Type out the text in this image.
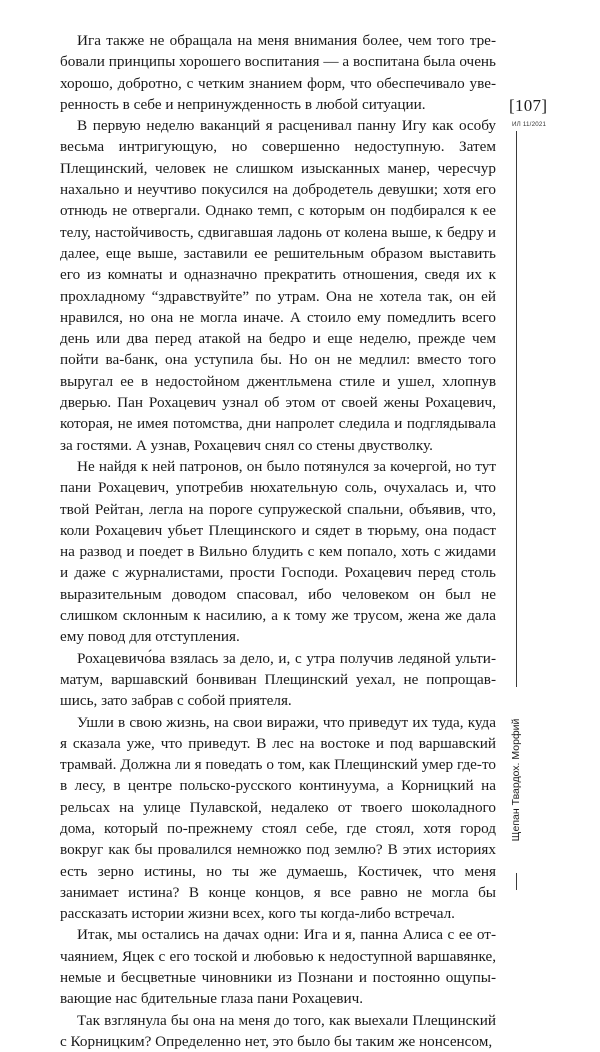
Ига также не обращала на меня внимания более, чем того требовали принципы хорошего воспитания — а воспитана была очень хорошо, добротно, с четким знанием форм, что обеспечивало уверенность в себе и непринужденность в любой ситуации.

В первую неделю ваканций я расценивал панну Игу как особу весьма интригующую, но совершенно недоступную. Затем Плещинский, человек не слишком изысканных манер, чересчур нахально и неучтиво покусился на добродетель девушки; хотя его отнюдь не отвергали. Однако темп, с которым он подбирался к ее телу, настойчивость, сдвигавшая ладонь от колена выше, к бедру и далее, еще выше, заставили ее решительным образом выставить его из комнаты и одназначно прекратить отношения, сведя их к прохладному “здравствуйте” по утрам. Она не хотела так, он ей нравился, но она не могла иначе. А стоило ему помедлить всего день или два перед атакой на бедро и еще неделю, прежде чем пойти ва-банк, она уступила бы. Но он не медлил: вместо того выругал ее в недостойном джентльмена стиле и ушел, хлопнув дверью. Пан Рохацевич узнал об этом от своей жены Рохацевич, которая, не имея потомства, дни напролет следила и подглядывала за гостями. А узнав, Рохацевич снял со стены двустволку.

Не найдя к ней патронов, он было потянулся за кочергой, но тут пани Рохацевич, употребив нюхательную соль, очухалась и, что твой Рейтан, легла на пороге супружеской спальни, объявив, что, коли Рохацевич убьет Плещинского и сядет в тюрьму, она подаст на развод и поедет в Вильно блудить с кем попало, хоть с жидами и даже с журналистами, прости Господи. Рохацевич перед столь выразительным доводом спасовал, ибо человеком он был не слишком склонным к насилию, а к тому же трусом, жена же дала ему повод для отступления.

Рохацевичо́ва взялась за дело, и, с утра получив ледяной ультиматум, варшавский бонвиван Плещинский уехал, не попрощавшись, зато забрав с собой приятеля.

Ушли в свою жизнь, на свои виражи, что приведут их туда, куда я сказала уже, что приведут. В лес на востоке и под варшавский трамвай. Должна ли я поведать о том, как Плещинский умер где-то в лесу, в центре польско-русского континуума, а Корницкий на рельсах на улице Пулавской, недалеко от твоего шоколадного дома, который по-прежнему стоял себе, где стоял, хотя город вокруг как бы провалился немножко под землю? В этих историях есть зерно истины, но ты же думаешь, Костичек, что меня занимает истина? В конце концов, я все равно не могла бы рассказать истории жизни всех, кого ты когда-либо встречал.

Итак, мы остались на дачах одни: Ига и я, панна Алиса с ее отчаянием, Яцек с его тоской и любовью к недоступной варшавянке, немые и бесцветные чиновники из Познани и постоянно ощупывающие нас бдительные глаза пани Рохацевич.

Так взглянула бы она на меня до того, как выехали Плещинский с Корницким? Определенно нет, это было бы таким же нонсенсом,

[107]
ИЛ 11/2021
Щепан Твардох. Морфий
